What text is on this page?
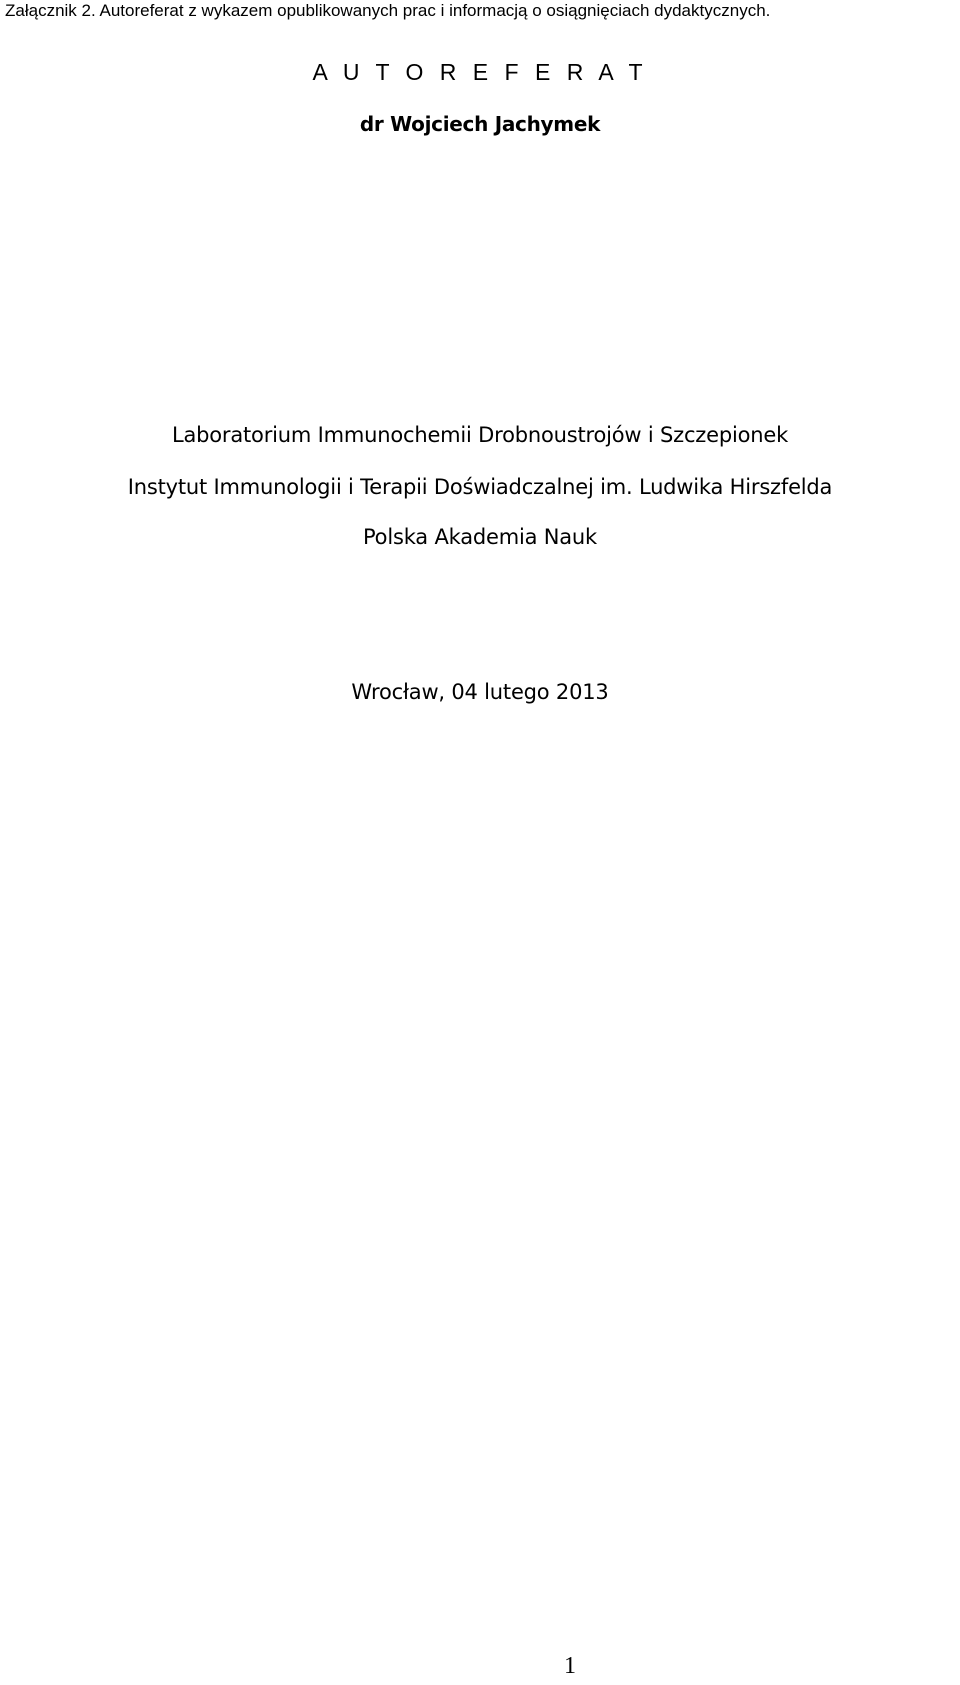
Załącznik 2. Autoreferat z wykazem opublikowanych prac i informacją o osiągnięciach dydaktycznych.
A U T O R E F E R A T
dr Wojciech Jachymek
Laboratorium Immunochemii Drobnoustrojów i Szczepionek
Instytut Immunologii i Terapii Doświadczalnej im. Ludwika Hirszfelda
Polska Akademia Nauk
Wrocław, 04 lutego 2013
1
